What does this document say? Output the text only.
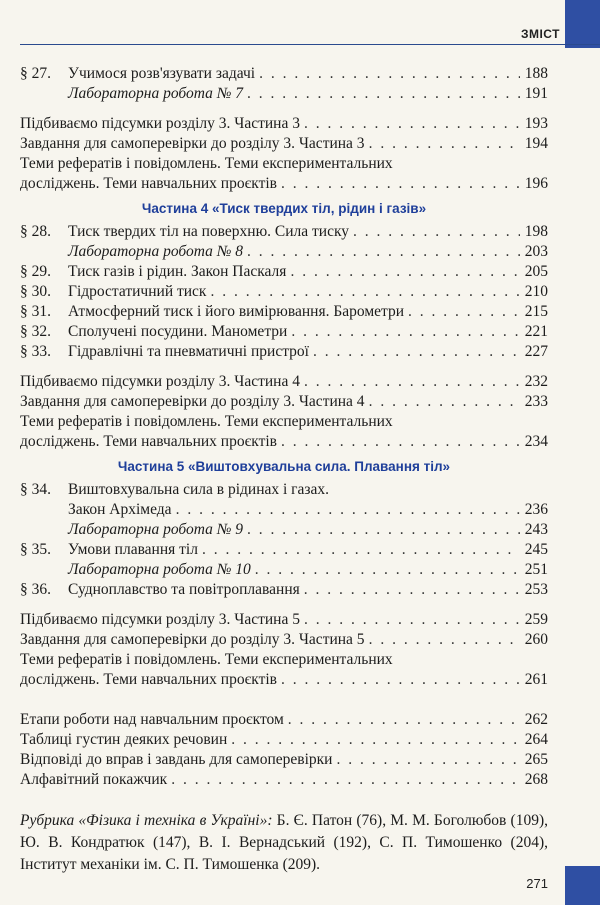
ЗМІСТ
§ 27.	Учимося розв'язувати задачі . . .	188
Лабораторна робота № 7 . . .	191
Підбиваємо підсумки розділу 3. Частина 3 . . .	193
Завдання для самоперевірки до розділу 3. Частина 3 . . .	194
Теми рефератів і повідомлень. Теми експериментальних
досліджень. Теми навчальних проєктів . . .	196
Частина 4 «Тиск твердих тіл, рідин і газів»
§ 28.	Тиск твердих тіл на поверхню. Сила тиску . . .	198
Лабораторна робота № 8 . . .	203
§ 29.	Тиск газів і рідин. Закон Паскаля . . .	205
§ 30.	Гідростатичний тиск . . .	210
§ 31.	Атмосферний тиск і його вимірювання. Барометри . . .	215
§ 32.	Сполучені посудини. Манометри . . .	221
§ 33.	Гідравлічні та пневматичні пристрої . . .	227
Підбиваємо підсумки розділу 3. Частина 4 . . .	232
Завдання для самоперевірки до розділу 3. Частина 4 . . .	233
Теми рефератів і повідомлень. Теми експериментальних
досліджень. Теми навчальних проєктів . . .	234
Частина 5 «Виштовхувальна сила. Плавання тіл»
§ 34.	Виштовхувальна сила в рідинах і газах.
Закон Архімеда . . .	236
Лабораторна робота № 9 . . .	243
§ 35.	Умови плавання тіл . . .	245
Лабораторна робота № 10 . . .	251
§ 36.	Судноплавство та повітроплавання . . .	253
Підбиваємо підсумки розділу 3. Частина 5 . . .	259
Завдання для самоперевірки до розділу 3. Частина 5 . . .	260
Теми рефератів і повідомлень. Теми експериментальних
досліджень. Теми навчальних проєктів . . .	261
Етапи роботи над навчальним проєктом . . .	262
Таблиці густин деяких речовин . . .	264
Відповіді до вправ і завдань для самоперевірки . . .	265
Алфавітний покажчик . . .	268
Рубрика «Фізика і техніка в Україні»: Б. Є. Патон (76), М. М. Боголюбов (109), Ю. В. Кондратюк (147), В. І. Вернадський (192), С. П. Тимошенко (204), Інститут механіки ім. С. П. Тимошенка (209).
271
